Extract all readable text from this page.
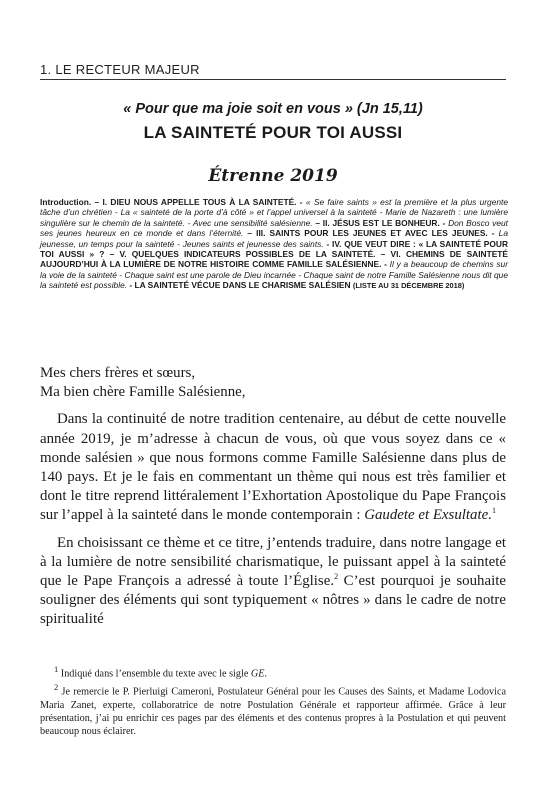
1. LE RECTEUR MAJEUR
« Pour que ma joie soit en vous » (Jn 15,11)
LA SAINTETÉ POUR TOI AUSSI
Étrenne 2019
Introduction. – I. DIEU NOUS APPELLE TOUS À LA SAINTETÉ. - « Se faire saints » est la première et la plus urgente tâche d’un chrétien - La « sainteté de la porte d’à côté » et l’appel universel à la sainteté - Marie de Nazareth : une lumière singulière sur le chemin de la sainteté. - Avec une sensibilité salésienne. – II. JÉSUS EST LE BONHEUR. - Don Bosco veut ses jeunes heureux en ce monde et dans l’éternité. – III. SAINTS POUR LES JEUNES ET AVEC LES JEUNES. - La jeunesse, un temps pour la sainteté - Jeunes saints et jeunesse des saints. - IV. QUE VEUT DIRE : « LA SAINTETÉ POUR TOI AUSSI » ? – V. QUELQUES INDICATEURS POSSIBLES DE LA SAINTETÉ. – VI. CHEMINS DE SAINTETÉ AUJOURD’HUI À LA LUMIÈRE DE NOTRE HISTOIRE COMME FAMILLE SALÉSIENNE. - Il y a beaucoup de chemins sur la voie de la sainteté - Chaque saint est une parole de Dieu incarnée - Chaque saint de notre Famille Salésienne nous dit que la sainteté est possible. - LA SAINTETÉ VÉCUE DANS LE CHARISME SALÉSIEN (LISTE AU 31 DÉCEMBRE 2018)

Mes chers frères et sœurs,

Ma bien chère Famille Salésienne,

Dans la continuité de notre tradition centenaire, au début de cette nouvelle année 2019, je m’adresse à chacun de vous, où que vous soyez dans ce « monde salésien » que nous formons comme Famille Salésienne dans plus de 140 pays. Et je le fais en commentant un thème qui nous est très familier et dont le titre reprend littéralement l’Exhortation Apostolique du Pape François sur l’appel à la sainteté dans le monde contemporain : Gaudete et Exsultate.$^1$

En choisissant ce thème et ce titre, j’entends traduire, dans notre langage et à la lumière de notre sensibilité charismatique, le puissant appel à la sainteté que le Pape François a adressé à toute l’Église.$^2$ C’est pourquoi je souhaite souligner des éléments qui sont typiquement « nôtres » dans le cadre de notre spiritualité

$^1$ Indiqué dans l’ensemble du texte avec le sigle GE.

$^2$ Je remercie le P. Pierluigi Cameroni, Postulateur Général pour les Causes des Saints, et Madame Lodovica Maria Zanet, experte, collaboratrice de notre Postulation Générale et rapporteur affirmée. Grâce à leur présentation, j’ai pu enrichir ces pages par des éléments et des contenus propres à la Postulation et qui peuvent beaucoup nous éclairer.
